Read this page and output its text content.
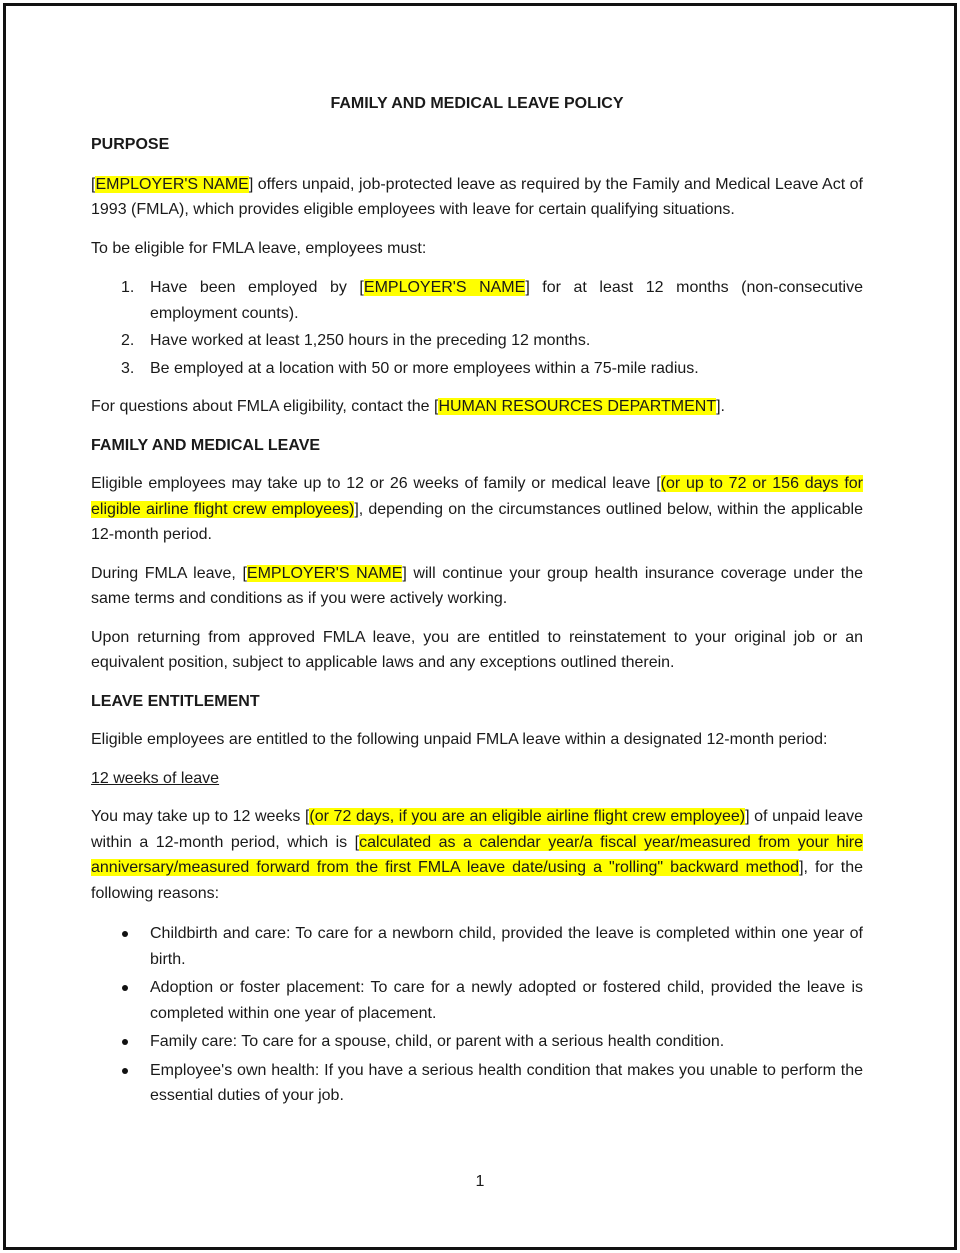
FAMILY AND MEDICAL LEAVE POLICY

PURPOSE

[EMPLOYER'S NAME] offers unpaid, job-protected leave as required by the Family and Medical Leave Act of 1993 (FMLA), which provides eligible employees with leave for certain qualifying situations.

To be eligible for FMLA leave, employees must:

1. Have been employed by [EMPLOYER'S NAME] for at least 12 months (non-consecutive employment counts).
2. Have worked at least 1,250 hours in the preceding 12 months.
3. Be employed at a location with 50 or more employees within a 75-mile radius.

For questions about FMLA eligibility, contact the [HUMAN RESOURCES DEPARTMENT].

FAMILY AND MEDICAL LEAVE

Eligible employees may take up to 12 or 26 weeks of family or medical leave [(or up to 72 or 156 days for eligible airline flight crew employees)], depending on the circumstances outlined below, within the applicable 12-month period.

During FMLA leave, [EMPLOYER'S NAME] will continue your group health insurance coverage under the same terms and conditions as if you were actively working.

Upon returning from approved FMLA leave, you are entitled to reinstatement to your original job or an equivalent position, subject to applicable laws and any exceptions outlined therein.

LEAVE ENTITLEMENT

Eligible employees are entitled to the following unpaid FMLA leave within a designated 12-month period:

12 weeks of leave

You may take up to 12 weeks [(or 72 days, if you are an eligible airline flight crew employee)] of unpaid leave within a 12-month period, which is [calculated as a calendar year/a fiscal year/measured from your hire anniversary/measured forward from the first FMLA leave date/using a "rolling" backward method], for the following reasons:

Childbirth and care: To care for a newborn child, provided the leave is completed within one year of birth.
Adoption or foster placement: To care for a newly adopted or fostered child, provided the leave is completed within one year of placement.
Family care: To care for a spouse, child, or parent with a serious health condition.
Employee's own health: If you have a serious health condition that makes you unable to perform the essential duties of your job.
1
